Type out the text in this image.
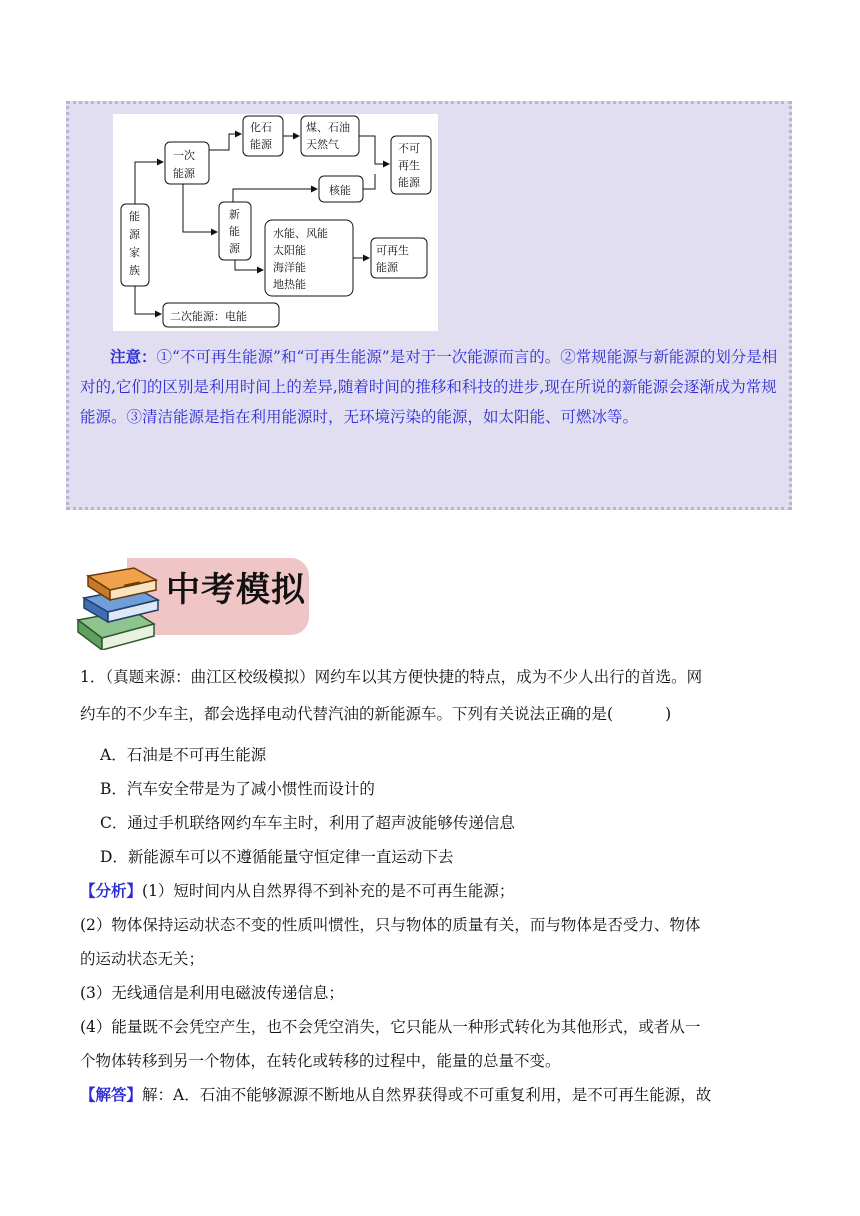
能
源
家
族
一次
能源
化石
能源
煤、石油
天然气	不可
再生
能源
核能
新
能
源
水能、风能
太阳能
海洋能
地热能
可再生
能源
二次能源：电能

注意：①“不可再生能源”和“可再生能源”是对于一次能源而言的。②常规能源与新能源的划分是相对的,它们的区别是利用时间上的差异,随着时间的推移和科技的进步,现在所说的新能源会逐渐成为常规能源。③清洁能源是指在利用能源时，无环境污染的能源，如太阳能、可燃冰等。

中考模拟
1．（真题来源：曲江区校级模拟）网约车以其方便快捷的特点，成为不少人出行的首选。网
约车的不少车主，都会选择电动代替汽油的新能源车。下列有关说法正确的是(	)
A．石油是不可再生能源
B．汽车安全带是为了减小惯性而设计的
C．通过手机联络网约车车主时，利用了超声波能够传递信息
D．新能源车可以不遵循能量守恒定律一直运动下去
【分析】(1）短时间内从自然界得不到补充的是不可再生能源；
(2）物体保持运动状态不变的性质叫惯性，只与物体的质量有关，而与物体是否受力、物体
的运动状态无关；
(3）无线通信是利用电磁波传递信息；
(4）能量既不会凭空产生，也不会凭空消失，它只能从一种形式转化为其他形式，或者从一
个物体转移到另一个物体，在转化或转移的过程中，能量的总量不变。
【解答】解：A．石油不能够源源不断地从自然界获得或不可重复利用，是不可再生能源，故
